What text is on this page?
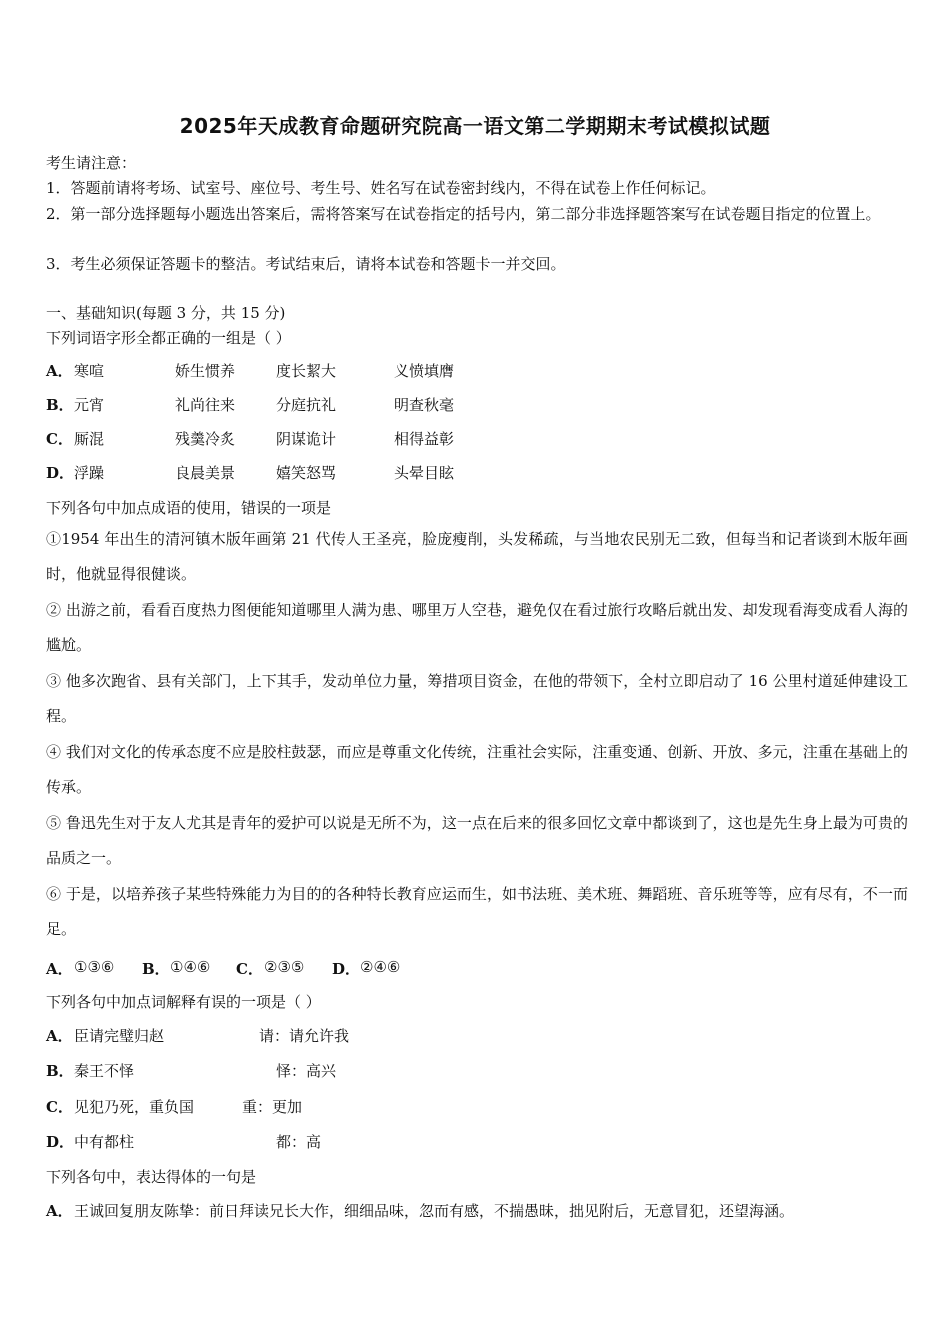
2025年天成教育命题研究院高一语文第二学期期末考试模拟试题
考生请注意：
1．答题前请将考场、试室号、座位号、考生号、姓名写在试卷密封线内，不得在试卷上作任何标记。
2．第一部分选择题每小题选出答案后，需将答案写在试卷指定的括号内，第二部分非选择题答案写在试卷题目指定的位置上。
3．考生必须保证答题卡的整洁。考试结束后，请将本试卷和答题卡一并交回。
一、基础知识(每题 3 分，共 15 分)
下列词语字形全都正确的一组是（ ）
A． 寒喧	娇生惯养	度长絜大	义愤填膺
B． 元宵	礼尚往来	分庭抗礼	明查秋毫
C． 厮混	残羹冷炙	阴谋诡计	相得益彰
D． 浮躁	良晨美景	嬉笑怒骂	头晕目眩
下列各句中加点成语的使用，错误的一项是
①1954 年出生的清河镇木版年画第 21 代传人王圣亮，脸庞瘦削，头发稀疏，与当地农民别无二致，但每当和记者谈到木版年画时，他就显得很健谈。
② 出游之前，看看百度热力图便能知道哪里人满为患、哪里万人空巷，避免仅在看过旅行攻略后就出发、却发现看海变成看人海的尴尬。
③ 他多次跑省、县有关部门，上下其手，发动单位力量，筹措项目资金，在他的带领下，全村立即启动了 16 公里村道延伸建设工程。
④ 我们对文化的传承态度不应是胶柱鼓瑟，而应是尊重文化传统，注重社会实际，注重变通、创新、开放、多元，注重在基础上的传承。
⑤ 鲁迅先生对于友人尤其是青年的爱护可以说是无所不为，这一点在后来的很多回忆文章中都谈到了，这也是先生身上最为可贵的品质之一。
⑥ 于是，以培养孩子某些特殊能力为目的的各种特长教育应运而生，如书法班、美术班、舞蹈班、音乐班等等，应有尽有，不一而足。
A． ①③⑥ B． ①④⑥ C． ②③⑤ D． ②④⑥
下列各句中加点词解释有误的一项是（ ）
A． 臣请完璧归赵	请：请允许我
B． 秦王不怿	怿：高兴
C． 见犯乃死，重负国	重：更加
D． 中有都柱	都：高
下列各句中，表达得体的一句是
A． 王诚回复朋友陈挚：前日拜读兄长大作，细细品味，忽而有感，不揣愚昧，拙见附后，无意冒犯，还望海涵。
